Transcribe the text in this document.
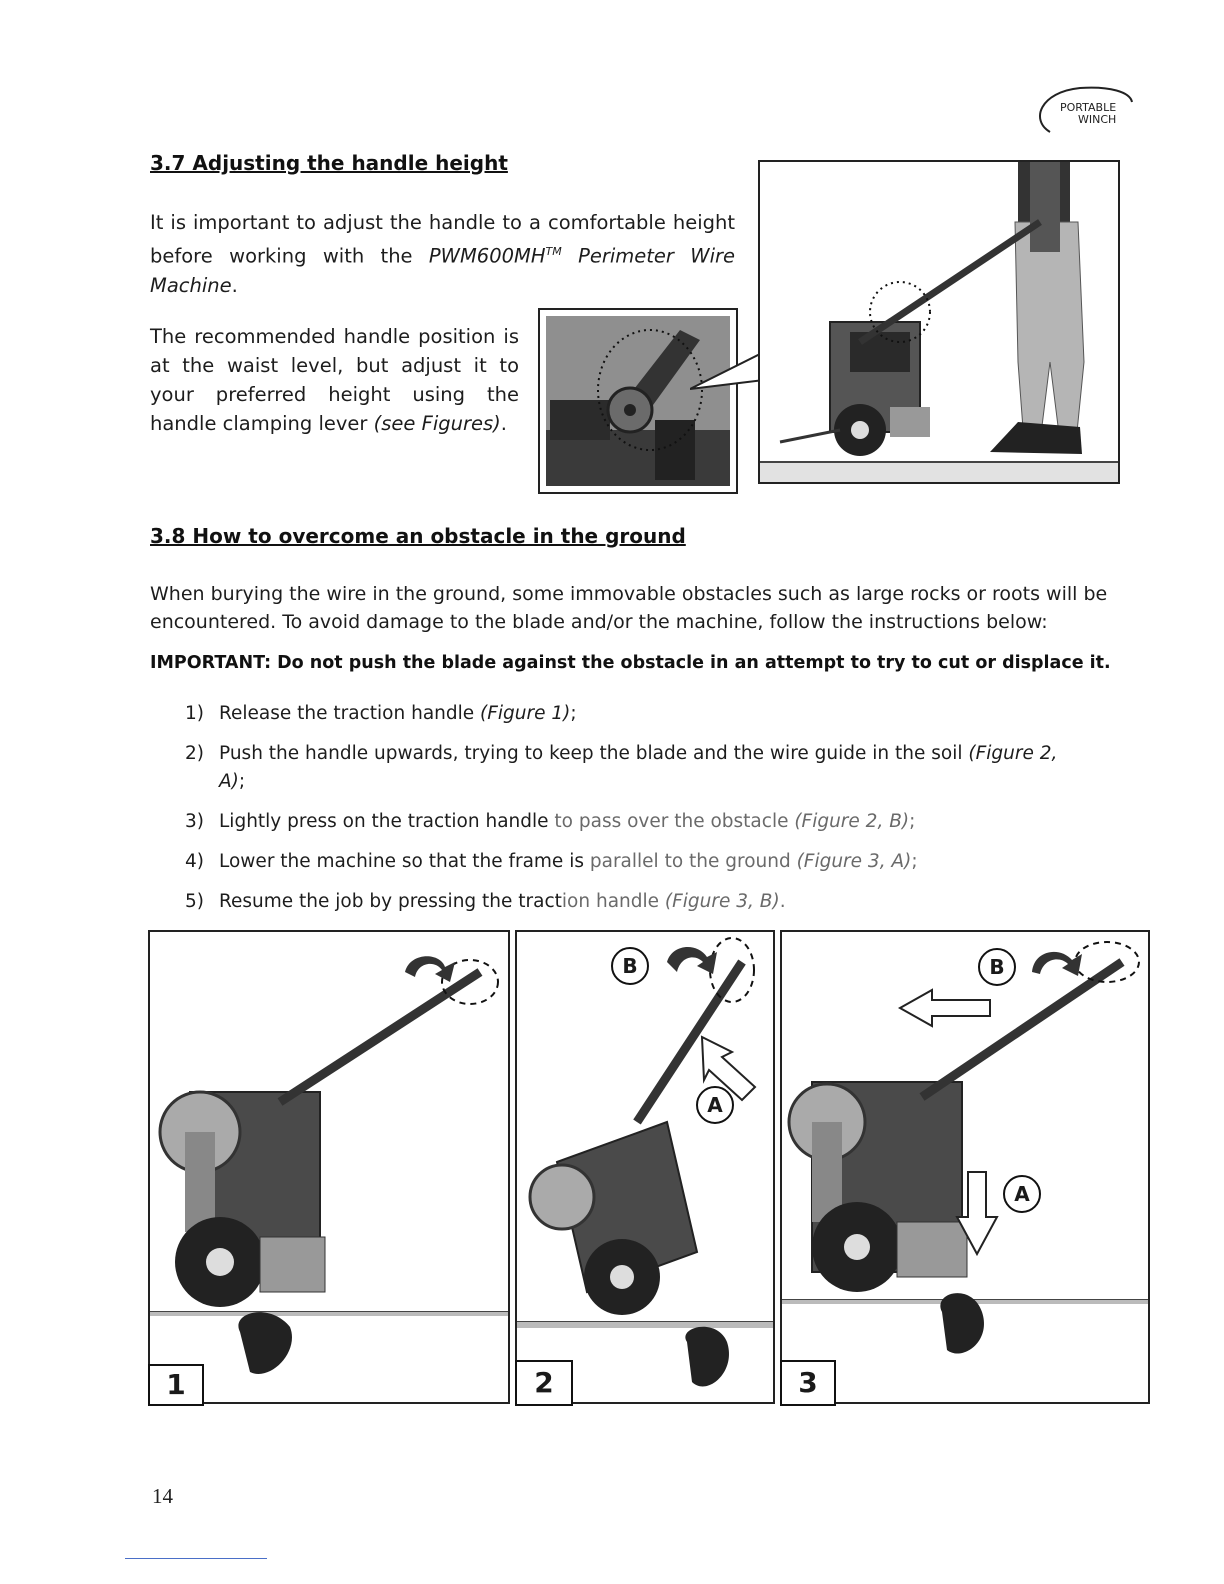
PORTABLE
WINCH
3.7 Adjusting the handle height
It is important to adjust the handle to a comfortable height before working with the PWM600MH™ Perimeter Wire Machine.
The recommended handle position is at the waist level, but adjust it to your preferred height using the handle clamping lever (see Figures).
3.8 How to overcome an obstacle in the ground
When burying the wire in the ground, some immovable obstacles such as large rocks or roots will be encountered. To avoid damage to the blade and/or the machine, follow the instructions below:
IMPORTANT: Do not push the blade against the obstacle in an attempt to try to cut or displace it.
1) Release the traction handle (Figure 1);
2) Push the handle upwards, trying to keep the blade and the wire guide in the soil (Figure 2,
A);
3) Lightly press on the traction handle to pass over the obstacle (Figure 2, B);
4) Lower the machine so that the frame is parallel to the ground (Figure 3, A);
5) Resume the job by pressing the traction handle (Figure 3, B).
1
B
A
2
B
A
3
14
